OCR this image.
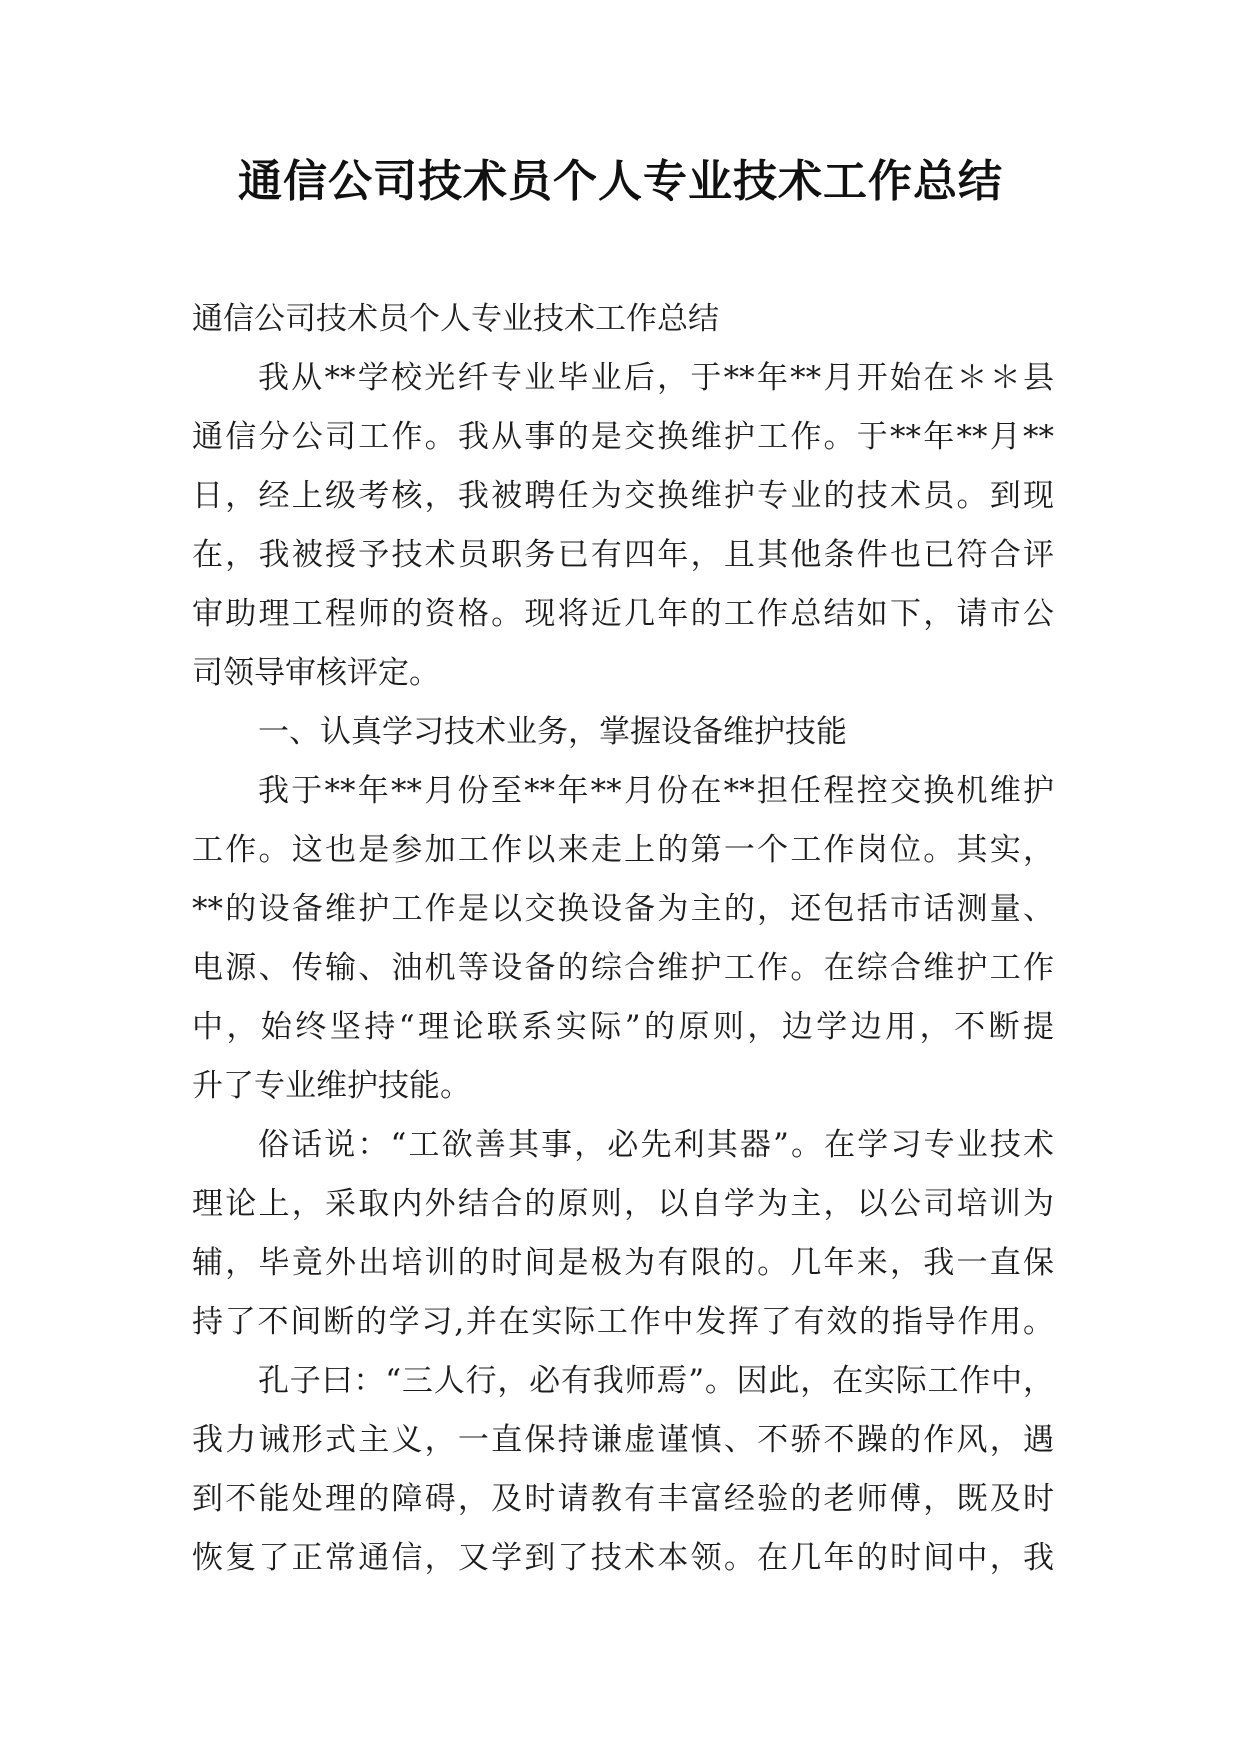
通信公司技术员个人专业技术工作总结
通信公司技术员个人专业技术工作总结
我从**学校光纤专业毕业后，于**年**月开始在＊＊县
通信分公司工作。我从事的是交换维护工作。于**年**月**
日，经上级考核，我被聘任为交换维护专业的技术员。到现
在，我被授予技术员职务已有四年，且其他条件也已符合评
审助理工程师的资格。现将近几年的工作总结如下，请市公
司领导审核评定。
一、认真学习技术业务，掌握设备维护技能
我于**年**月份至**年**月份在**担任程控交换机维护
工作。这也是参加工作以来走上的第一个工作岗位。其实，
**的设备维护工作是以交换设备为主的，还包括市话测量、
电源、传输、油机等设备的综合维护工作。在综合维护工作
中，始终坚持“理论联系实际”的原则，边学边用，不断提
升了专业维护技能。
俗话说：“工欲善其事，必先利其器”。在学习专业技术
理论上，采取内外结合的原则，以自学为主，以公司培训为
辅，毕竟外出培训的时间是极为有限的。几年来，我一直保
持了不间断的学习,并在实际工作中发挥了有效的指导作用。
孔子曰：“三人行，必有我师焉”。因此，在实际工作中，
我力诫形式主义，一直保持谦虚谨慎、不骄不躁的作风，遇
到不能处理的障碍，及时请教有丰富经验的老师傅，既及时
恢复了正常通信，又学到了技术本领。在几年的时间中，我
